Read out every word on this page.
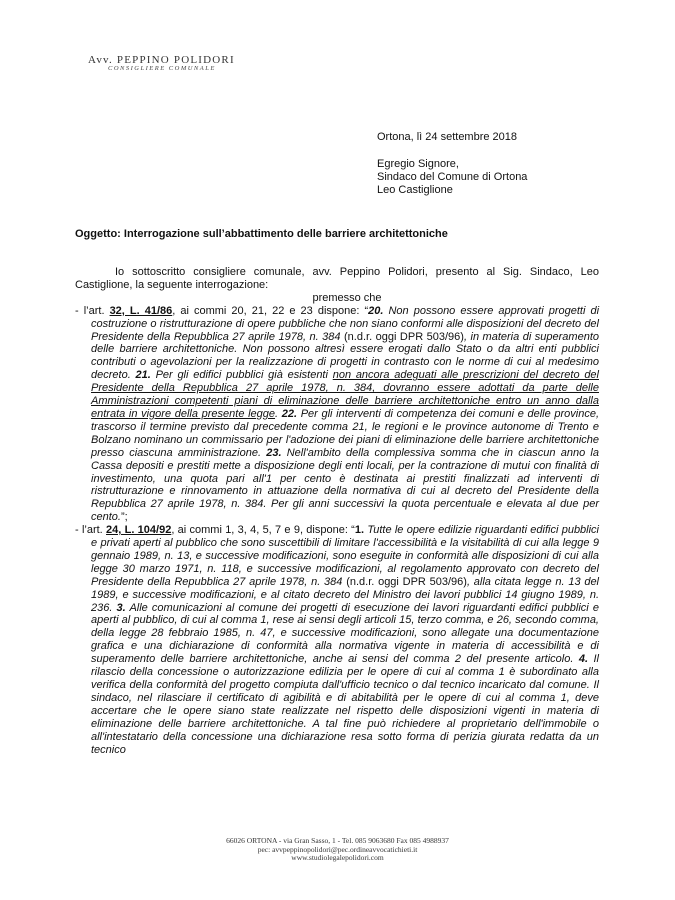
Avv. PEPPINO POLIDORI
CONSIGLIERE COMUNALE
Ortona, lì 24 settembre 2018
Egregio Signore,
Sindaco del Comune di Ortona
Leo Castiglione
Oggetto: Interrogazione sull’abbattimento delle barriere architettoniche

Io sottoscritto consigliere comunale, avv. Peppino Polidori, presento al Sig. Sindaco, Leo Castiglione, la seguente interrogazione:

premesso che

- l’art. 32, L. 41/86, ai commi 20, 21, 22 e 23 dispone: “20. Non possono essere approvati progetti di costruzione o ristrutturazione di opere pubbliche che non siano conformi alle disposizioni del decreto del Presidente della Repubblica 27 aprile 1978, n. 384 (n.d.r. oggi DPR 503/96), in materia di superamento delle barriere architettoniche. Non possono altresì essere erogati dallo Stato o da altri enti pubblici contributi o agevolazioni per la realizzazione di progetti in contrasto con le norme di cui al medesimo decreto. 21. Per gli edifici pubblici già esistenti non ancora adeguati alle prescrizioni del decreto del Presidente della Repubblica 27 aprile 1978, n. 384, dovranno essere adottati da parte delle Amministrazioni competenti piani di eliminazione delle barriere architettoniche entro un anno dalla entrata in vigore della presente legge. 22. Per gli interventi di competenza dei comuni e delle province, trascorso il termine previsto dal precedente comma 21, le regioni e le province autonome di Trento e Bolzano nominano un commissario per l'adozione dei piani di eliminazione delle barriere architettoniche presso ciascuna amministrazione. 23. Nell'ambito della complessiva somma che in ciascun anno la Cassa depositi e prestiti mette a disposizione degli enti locali, per la contrazione di mutui con finalità di investimento, una quota pari all'1 per cento è destinata ai prestiti finalizzati ad interventi di ristrutturazione e rinnovamento in attuazione della normativa di cui al decreto del Presidente della Repubblica 27 aprile 1978, n. 384. Per gli anni successivi la quota percentuale e elevata al due per cento.”;

- l’art. 24, L. 104/92, ai commi 1, 3, 4, 5, 7 e 9, dispone: “1. Tutte le opere edilizie riguardanti edifici pubblici e privati aperti al pubblico che sono suscettibili di limitare l'accessibilità e la visitabilità di cui alla legge 9 gennaio 1989, n. 13, e successive modificazioni, sono eseguite in conformità alle disposizioni di cui alla legge 30 marzo 1971, n. 118, e successive modificazioni, al regolamento approvato con decreto del Presidente della Repubblica 27 aprile 1978, n. 384 (n.d.r. oggi DPR 503/96), alla citata legge n. 13 del 1989, e successive modificazioni, e al citato decreto del Ministro dei lavori pubblici 14 giugno 1989, n. 236. 3. Alle comunicazioni al comune dei progetti di esecuzione dei lavori riguardanti edifici pubblici e aperti al pubblico, di cui al comma 1, rese ai sensi degli articoli 15, terzo comma, e 26, secondo comma, della legge 28 febbraio 1985, n. 47, e successive modificazioni, sono allegate una documentazione grafica e una dichiarazione di conformità alla normativa vigente in materia di accessibilità e di superamento delle barriere architettoniche, anche ai sensi del comma 2 del presente articolo. 4. Il rilascio della concessione o autorizzazione edilizia per le opere di cui al comma 1 è subordinato alla verifica della conformità del progetto compiuta dall'ufficio tecnico o dal tecnico incaricato dal comune. Il sindaco, nel rilasciare il certificato di agibilità e di abitabilità per le opere di cui al comma 1, deve accertare che le opere siano state realizzate nel rispetto delle disposizioni vigenti in materia di eliminazione delle barriere architettoniche. A tal fine può richiedere al proprietario dell'immobile o all'intestatario della concessione una dichiarazione resa sotto forma di perizia giurata redatta da un tecnico

66026 ORTONA - via Gran Sasso, 1 - Tel. 085 9063680 Fax 085 4988937
pec: avvpeppinopolidori@pec.ordineavvocatichieti.it
www.studiolegalepolidori.com
